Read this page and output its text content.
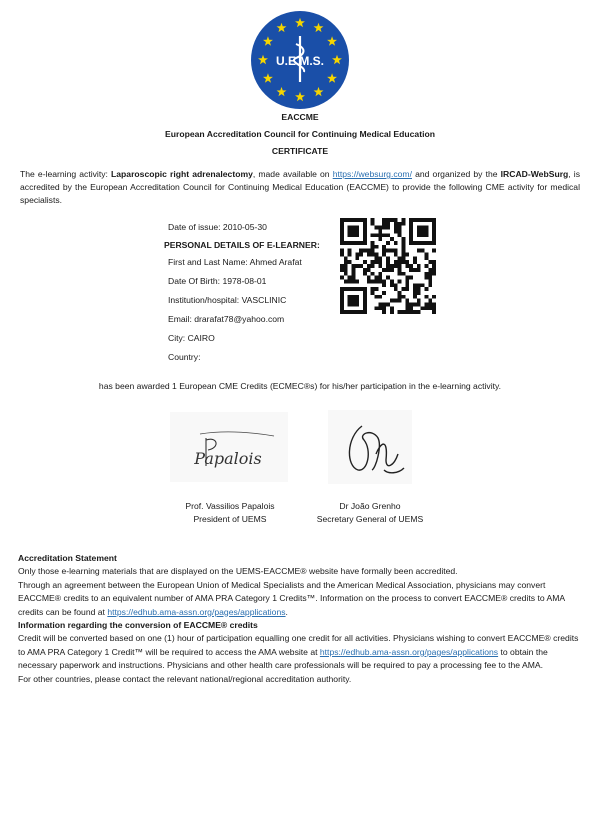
U.E.M.S.
EACCME
European Accreditation Council for Continuing Medical Education
CERTIFICATE
The e-learning activity: Laparoscopic right adrenalectomy, made available on https://websurg.com/ and organized by the IRCAD-WebSurg, is accredited by the European Accreditation Council for Continuing Medical Education (EACCME) to provide the following CME activity for medical specialists.
Date of issue: 2010-05-30
PERSONAL DETAILS OF E-LEARNER:
First and Last Name: Ahmed Arafat
Date Of Birth: 1978-08-01
Institution/hospital: VASCLINIC
Email: drarafat78@yahoo.com
City: CAIRO
Country:
has been awarded 1 European CME Credits (ECMEC®s) for his/her participation in the e-learning activity.
Papalois
Prof. Vassilios Papalois
President of UEMS
Dr João Grenho
Secretary General of UEMS
Accreditation Statement
Only those e-learning materials that are displayed on the UEMS-EACCME® website have formally been accredited.
Through an agreement between the European Union of Medical Specialists and the American Medical Association, physicians may convert EACCME® credits to an equivalent number of AMA PRA Category 1 Credits™. Information on the process to convert EACCME® credits to AMA credits can be found at https://edhub.ama-assn.org/pages/applications.
Information regarding the conversion of EACCME® credits
Credit will be converted based on one (1) hour of participation equalling one credit for all activities. Physicians wishing to convert EACCME® credits to AMA PRA Category 1 Credit™ will be required to access the AMA website at https://edhub.ama-assn.org/pages/applications to obtain the necessary paperwork and instructions. Physicians and other health care professionals will be required to pay a processing fee to the AMA.
For other countries, please contact the relevant national/regional accreditation authority.
